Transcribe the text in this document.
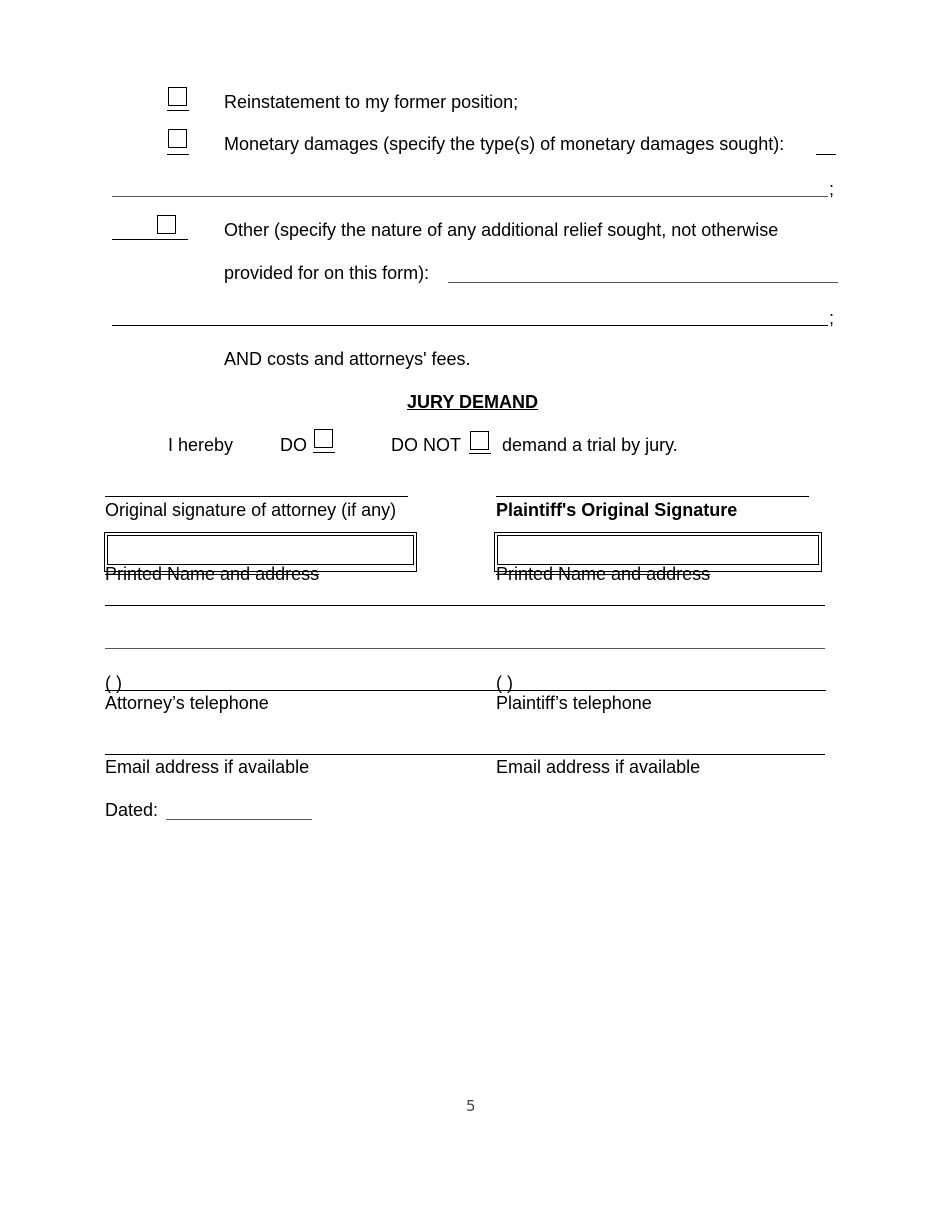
Reinstatement to my former position;
Monetary damages (specify the type(s) of monetary damages sought):
;
Other (specify the nature of any additional relief sought, not otherwise
provided for on this form):
;
AND costs and attorneys' fees.
JURY DEMAND
I hereby	DO	DO NOT demand a trial by jury.
Original signature of attorney (if any)	Plaintiff's Original Signature
Printed Name and address	Printed Name and address
( )	( )
Attorney’s telephone	Plaintiff’s telephone
Email address if available	Email address if available
Dated:
5
